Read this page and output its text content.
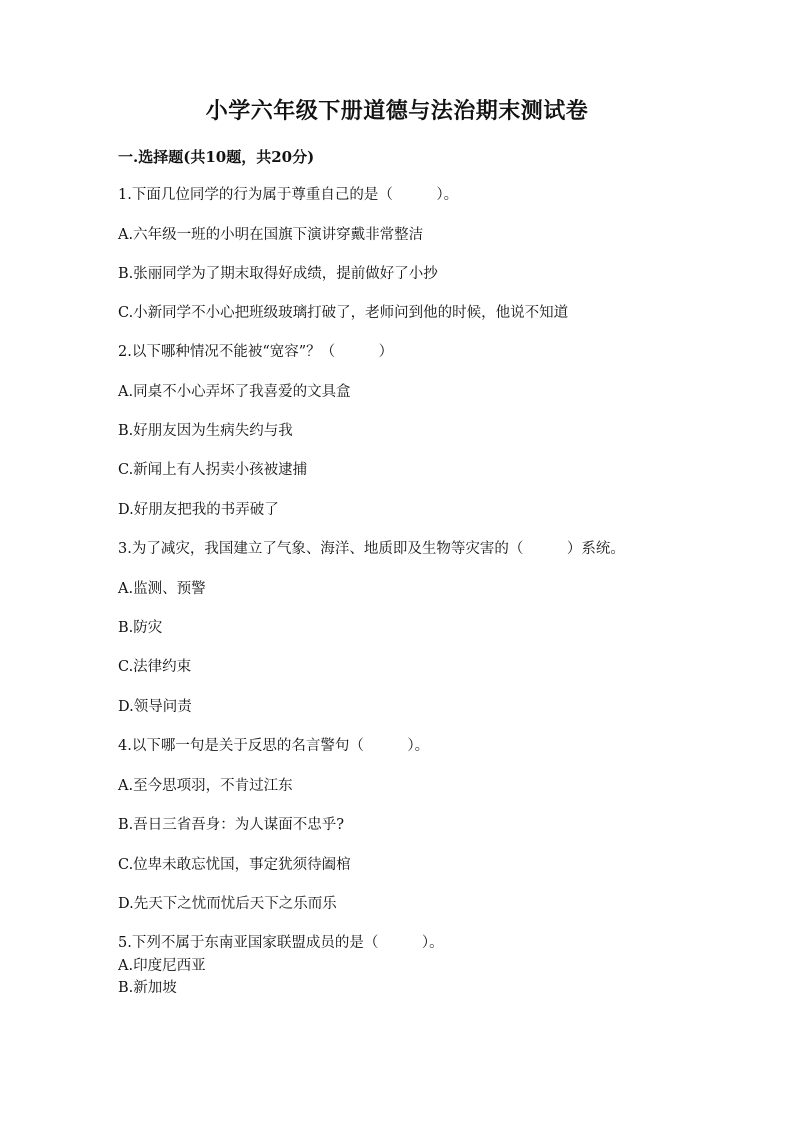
小学六年级下册道德与法治期末测试卷
一.选择题(共10题，共20分)
1.下面几位同学的行为属于尊重自己的是（　　　）。
A.六年级一班的小明在国旗下演讲穿戴非常整洁
B.张丽同学为了期末取得好成绩，提前做好了小抄
C.小新同学不小心把班级玻璃打破了，老师问到他的时候，他说不知道
2.以下哪种情况不能被“宽容”？（　　　）
A.同桌不小心弄坏了我喜爱的文具盒
B.好朋友因为生病失约与我
C.新闻上有人拐卖小孩被逮捕
D.好朋友把我的书弄破了
3.为了减灾，我国建立了气象、海洋、地质即及生物等灾害的（　　　）系统。
A.监测、预警
B.防灾
C.法律约束
D.领导问责
4.以下哪一句是关于反思的名言警句（　　　）。
A.至今思项羽，不肯过江东
B.吾日三省吾身：为人谋面不忠乎?
C.位卑未敢忘忧国，事定犹须待阖棺
D.先天下之忧而忧后天下之乐而乐
5.下列不属于东南亚国家联盟成员的是（　　　）。
A.印度尼西亚
B.新加坡
